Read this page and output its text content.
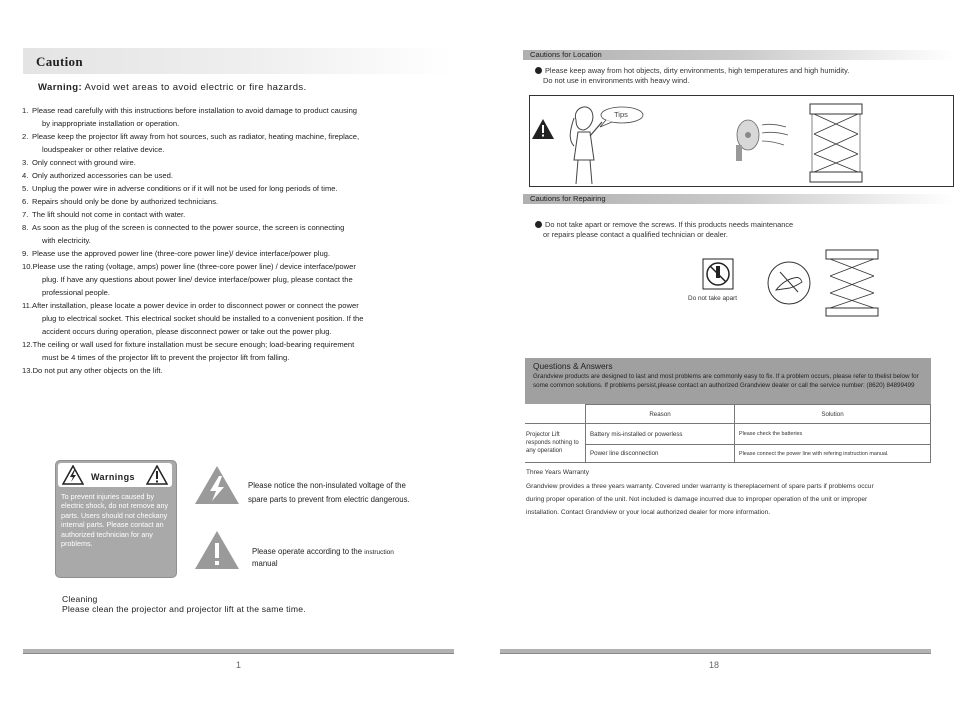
Caution
Warning: Avoid wet areas to avoid electric or fire hazards.
1. Please read carefully with this instructions before installation to avoid damage to product causing
by inappropriate installation or operation.
2. Please keep the projector lift away from hot sources, such as radiator, heating machine, fireplace,
loudspeaker or other relative device.
3. Only connect with ground wire.
4. Only authorized accessories can be used.
5. Unplug the power wire in adverse conditions or if it will not be used for long periods of time.
6. Repairs should only be done by authorized technicians.
7. The lift should not come in contact with water.
8. As soon as the plug of the screen is connected to the power source, the screen is connecting
with electricity.
9. Please use the approved power line (three-core power line)/ device interface/power plug.
10.Please use the rating (voltage, amps) power line (three-core power line) / device interface/power
plug. If have any questions about power line/ device interface/power plug, please contact the
professional people.
11.After installation, please locate a power device in order to disconnect power or connect the power
plug to electrical socket. This electrical socket should be installed to a convenient position. If the
accident occurs during operation, please disconnect power or take out the power plug.
12.The ceiling or wall used for fixture installation must be secure enough; load-bearing requirement
must be 4 times of the projector lift to prevent the projector lift from falling.
13.Do not put any other objects on the lift.
Warnings
To prevent injuries caused by electric shock, do not remove any parts. Users should not checkany internal parts. Please contact an authorized technician for any problems.
Please notice the non-insulated voltage of the
spare parts to prevent from electric dangerous.
Please operate according to the instruction
manual
Cleaning
Please clean the projector and projector lift at the same time.
1
Cautions for Location
Please keep away from hot objects, dirty environments, high temperatures and high humidity.
Do not use in environments with heavy wind.
Tips
Cautions for Repairing
Do not take apart or remove the screws. If this products needs maintenance
or repairs please contact a qualified technician or dealer.
Do not take apart
Questions & Answers
Grandview products are designed to last and most problems are commonly easy to fix. If a problem occurs, please refer to thelist below for some common solutions. If problems persist,please contact an authorized Grandview dealer or call the service number: (8620) 84899499
	Reason	Solution
Projector Lift responds nothing to any operation	Battery mis-installed or powerless	Please check the batteries
	Power line disconnection	Please connect the power line with refering instruction manual.
Three Years Warranty
Grandview provides a three years warranty. Covered under warranty is thereplacement of spare parts if problems occur
during proper operation of the unit. Not included is damage incurred due to improper operation of the unit or improper
installation. Contact Grandview or your local authorized dealer for more information.
18
